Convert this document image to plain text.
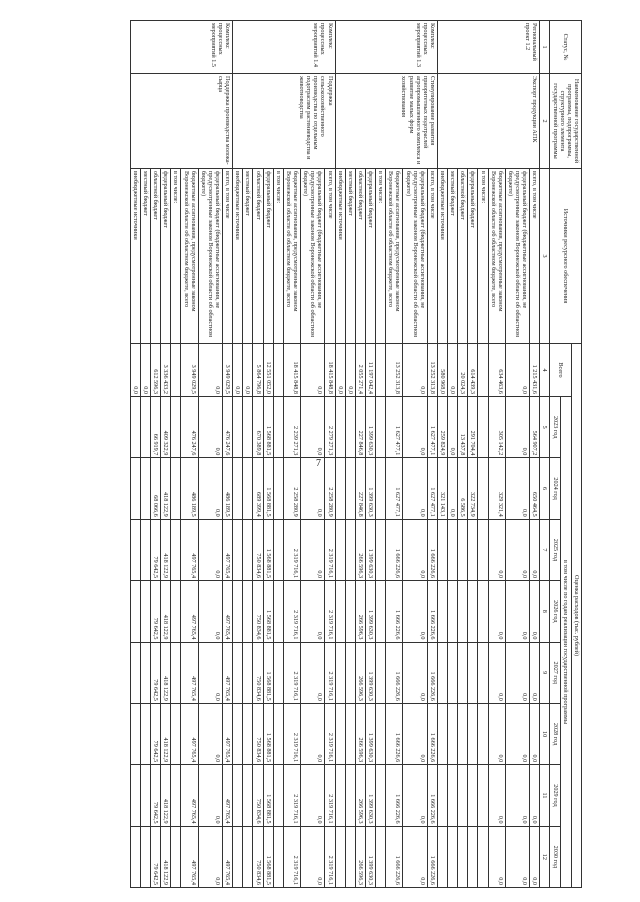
7
Статус, №	Наименование государственной программы, подпрограммы, структурного элемента государственной программы	Источники ресурсного обеспечения	Оценка расходов (тыс. рублей)								
			Всего	в том числе по годам реализации государственной программы							
				2023 год	2024 год	2025 год	2026 год	2027 год	2028 год	2029 год	2030 год
1	2	3	4	5	6	7	8	9	10	11	12
Региональный проект 1.2	Экспорт продукции АПК	всего, в том числе	1 215 431,6	564 907,2	650 464,5	0,0	0,0	0,0	0,0	0,0	0,0
		федеральный бюджет (бюджетные ассигнования, не предусмотренные законом Воронежской области об областном бюджете)	0,0	0,0	0,0	0,0	0,0	0,0	0,0	0,0	0,0
		бюджетные ассигнования, предусмотренные законом Воронежской области об областном бюджете, всего	634 463,6	305 142,2	329 321,4	0,0	0,0	0,0	0,0	0,0	0,0
		в том числе:									
		федеральный бюджет	614 439,3	291 704,4	322 734,9						
		областной бюджет	20 024,3	13 437,8	6 586,5						
		местный бюджет	0,0	0,0	0,0						
		внебюджетные источники	580 968,0	259 824,9	321 143,1						
Комплекс процессных мероприятий 1.3	Стимулирование развития приоритетных подотраслей агропромышленного комплекса и развитие малых форм хозяйствования	всего, в том числе	13 252 313,8	1 627 477,1	1 627 477,1	1 666 226,6	1 666 226,6	1 666 226,6	1 666 226,6	1 666 226,6	1 666 226,6
		федеральный бюджет (бюджетные ассигнования, не предусмотренные законом Воронежской области об областном бюджете)	0,0	0,0	0,0	0,0	0,0	0,0	0,0	0,0	0,0
		бюджетные ассигнования, предусмотренные законом Воронежской области об областном бюджете, всего	13 252 313,8	1 627 477,1	1 627 477,1	1 666 226,6	1 666 226,6	1 666 226,6	1 666 226,6	1 666 226,6	1 666 226,6
		в том числе:									
		федеральный бюджет	11 197 042,4	1 399 630,3	1 399 630,3	1 399 630,3	1 399 630,3	1 399 630,3	1 399 630,3	1 399 630,3	1 399 630,3
		областной бюджет	2 055 271,4	227 846,8	227 846,8	266 596,3	266 596,3	266 596,3	266 596,3	266 596,3	266 596,3
		местный бюджет	0,0								
		внебюджетные источники	0,0								
Комплекс процессных мероприятий 1.4	Поддержка сельскохозяйственного производства по отдельным подотраслям растениеводства и животноводства	всего, в том числе	18 415 848,8	2 279 271,3	2 258 280,9	2 319 716,1	2 319 716,1	2 319 716,1	2 319 716,1	2 319 716,1	2 319 716,1
		федеральный бюджет (бюджетные ассигнования, не предусмотренные законом Воронежской области об областном бюджете)	0,0	0,0	0,0	0,0	0,0	0,0	0,0	0,0	0,0
		бюджетные ассигнования, предусмотренные законом Воронежской области об областном бюджете, всего	18 415 848,8	2 239 271,3	2 258 280,9	2 319 716,1	2 319 716,1	2 319 716,1	2 319 716,1	2 319 716,1	2 319 716,1
		в том числе:									
		федеральный бюджет	12 551 052,0	1 568 881,5	1 568 881,5	1 568 881,5	1 568 881,5	1 568 881,5	1 568 881,5	1 568 881,5	1 568 881,5
		областной бюджет	5 864 796,8	670 389,8	689 399,4	750 834,6	750 834,6	750 834,6	750 834,6	750 834,6	750 834,6
		местный бюджет	0,0								
		внебюджетные источники	0,0								
Комплекс процессных мероприятий 1.5	Поддержка производства молока-сырца	всего, в том числе	3 949 029,5	476 247,6	486 189,5	497 765,4	497 765,4	497 765,4	497 765,4	497 765,4	497 765,4
		федеральный бюджет (бюджетные ассигнования, не предусмотренные законом Воронежской области об областном бюджете)	0,0	0,0	0,0	0,0	0,0	0,0	0,0	0,0	0,0
		бюджетные ассигнования, предусмотренные законом Воронежской области об областном бюджете, всего	3 949 029,5	476 247,6	486 189,5	497 765,4	497 765,4	497 765,4	497 765,4	497 765,4	497 765,4
		в том числе:									
		федеральный бюджет	3 336 433,2	409 322,9	418 122,9	418 122,9	418 122,9	418 122,9	418 122,9	418 122,9	418 122,9
		областной бюджет	612 596,3	66 919,7	68 066,6	79 642,5	79 642,5	79 642,5	79 642,5	79 642,5	79 642,5
		местный бюджет	0,0								
		внебюджетные источники	0,0								
